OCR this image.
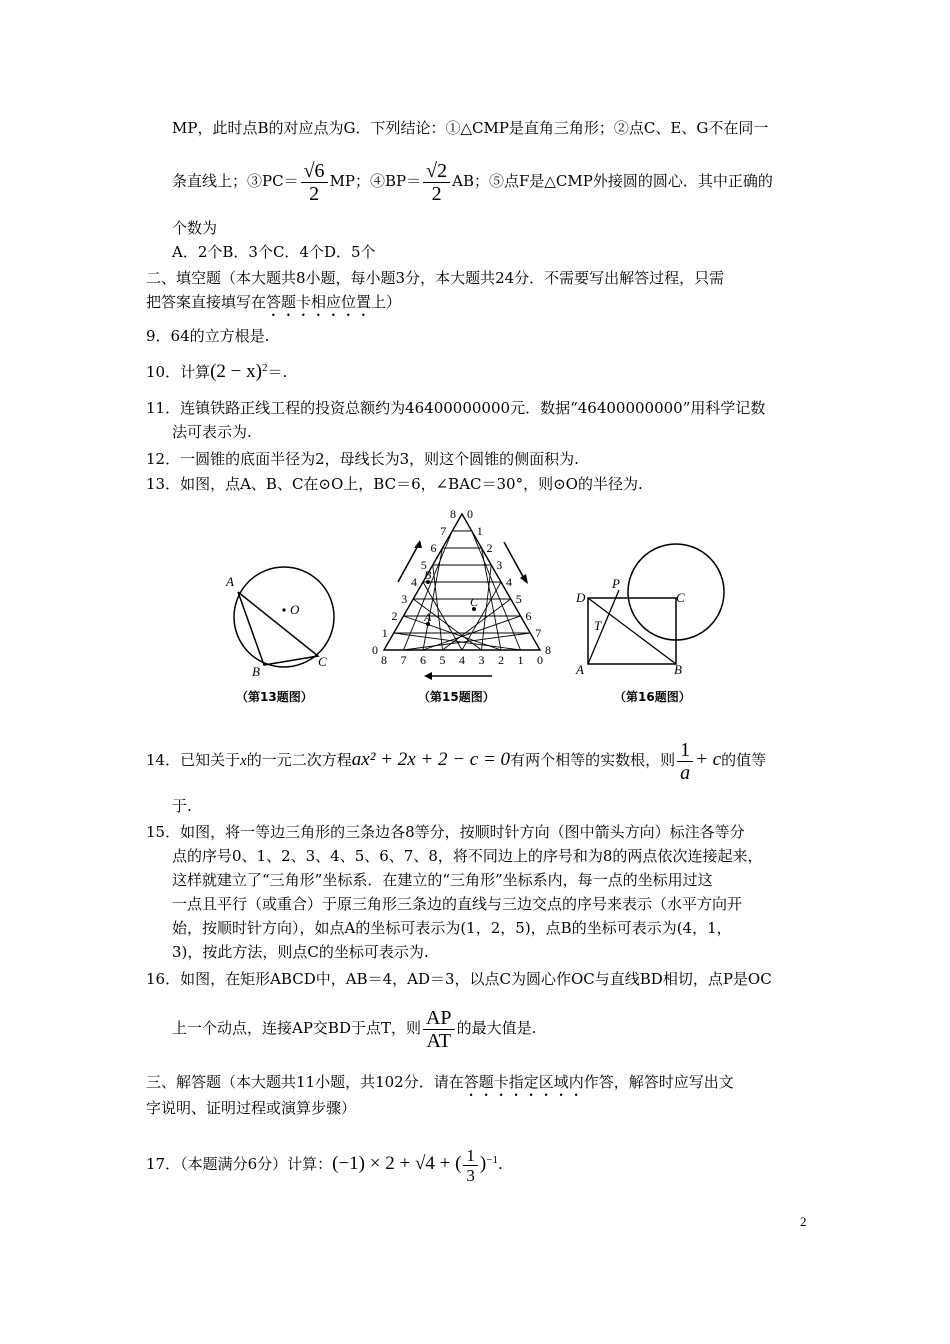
MP，此时点B的对应点为G．下列结论：①△CMP是直角三角形；②点C、E、G不在同一
条直线上；③PC＝ $\frac{√6}{2}$ MP；④BP＝ $\frac{√2}{2}$ AB；⑤点F是△CMP外接圆的圆心．其中正确的
个数为
A．2个B．3个C．4个D．5个
二、填空题（本大题共8小题，每小题3分，本大题共24分．不需要写出解答过程，只需
把答案直接填写在答题卡相应位置上）
9．64的立方根是.
10．计算$(2 - x)^2=$.
11．连镇铁路正线工程的投资总额约为46400000000元．数据“46400000000”用科学记数
法可表示为.
12．一圆锥的底面半径为2，母线长为3，则这个圆锥的侧面积为.
13．如图，点A、B、C在⊙O上，BC＝6，∠BAC＝30°，则⊙O的半径为.
A
O
B
C
（第13题图）
0
1
2
3
4
5
6
7
8 0
1
2
3
4
5
6
7
8
8 7 6 5 4 3 2 1 0
A
B
C
（第15题图）
D
P
C
T
A	B
（第16题图）
14．已知关于x的一元二次方程ax² + 2x + 2 − c = 0有两个相等的实数根，则 $\frac{1}{a} + c$的值等
于.
15．如图，将一等边三角形的三条边各8等分，按顺时针方向（图中箭头方向）标注各等分
点的序号0、1、2、3、4、5、6、7、8，将不同边上的序号和为8的两点依次连接起来，
这样就建立了“三角形”坐标系．在建立的“三角形”坐标系内，每一点的坐标用过这
一点且平行（或重合）于原三角形三条边的直线与三边交点的序号来表示（水平方向开
始，按顺时针方向），如点A的坐标可表示为(1，2，5)，点B的坐标可表示为(4，1，
3)，按此方法，则点C的坐标可表示为.
16．如图，在矩形ABCD中，AB＝4，AD＝3，以点C为圆心作OC与直线BD相切，点P是OC
上一个动点，连接AP交BD于点T，则 $\frac{AP}{AT}$ 的最大值是.
三、解答题（本大题共11小题，共102分．请在答题卡指定区域内作答，解答时应写出文
字说明、证明过程或演算步骤）
17．（本题满分6分）计算：(−1) × 2 + √4 + ( $\frac{1}{3} )^{-1}$.
2
